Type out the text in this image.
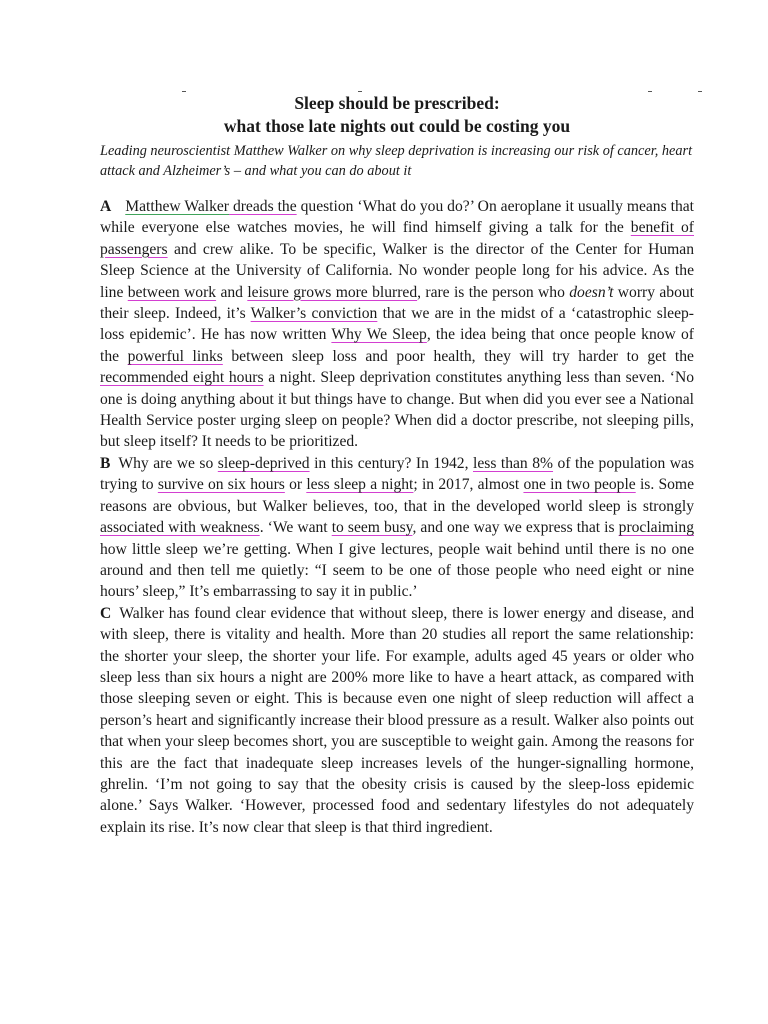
Sleep should be prescribed:
what those late nights out could be costing you

Leading neuroscientist Matthew Walker on why sleep deprivation is increasing our risk of cancer, heart attack and Alzheimer’s – and what you can do about it

A Matthew Walker dreads the question ‘What do you do?’ On aeroplane it usually means that while everyone else watches movies, he will find himself giving a talk for the benefit of passengers and crew alike. To be specific, Walker is the director of the Center for Human Sleep Science at the University of California. No wonder people long for his advice. As the line between work and leisure grows more blurred, rare is the person who doesn’t worry about their sleep. Indeed, it’s Walker’s conviction that we are in the midst of a ‘catastrophic sleep-loss epidemic’. He has now written Why We Sleep, the idea being that once people know of the powerful links between sleep loss and poor health, they will try harder to get the recommended eight hours a night. Sleep deprivation constitutes anything less than seven. ‘No one is doing anything about it but things have to change. But when did you ever see a National Health Service poster urging sleep on people? When did a doctor prescribe, not sleeping pills, but sleep itself? It needs to be prioritized.

B Why are we so sleep-deprived in this century? In 1942, less than 8% of the population was trying to survive on six hours or less sleep a night; in 2017, almost one in two people is. Some reasons are obvious, but Walker believes, too, that in the developed world sleep is strongly associated with weakness. ‘We want to seem busy, and one way we express that is proclaiming how little sleep we’re getting. When I give lectures, people wait behind until there is no one around and then tell me quietly: “I seem to be one of those people who need eight or nine hours’ sleep,” It’s embarrassing to say it in public.’

C Walker has found clear evidence that without sleep, there is lower energy and disease, and with sleep, there is vitality and health. More than 20 studies all report the same relationship: the shorter your sleep, the shorter your life. For example, adults aged 45 years or older who sleep less than six hours a night are 200% more like to have a heart attack, as compared with those sleeping seven or eight. This is because even one night of sleep reduction will affect a person’s heart and significantly increase their blood pressure as a result. Walker also points out that when your sleep becomes short, you are susceptible to weight gain. Among the reasons for this are the fact that inadequate sleep increases levels of the hunger-signalling hormone, ghrelin. ‘I’m not going to say that the obesity crisis is caused by the sleep-loss epidemic alone.’ Says Walker. ‘However, processed food and sedentary lifestyles do not adequately explain its rise. It’s now clear that sleep is that third ingredient.
